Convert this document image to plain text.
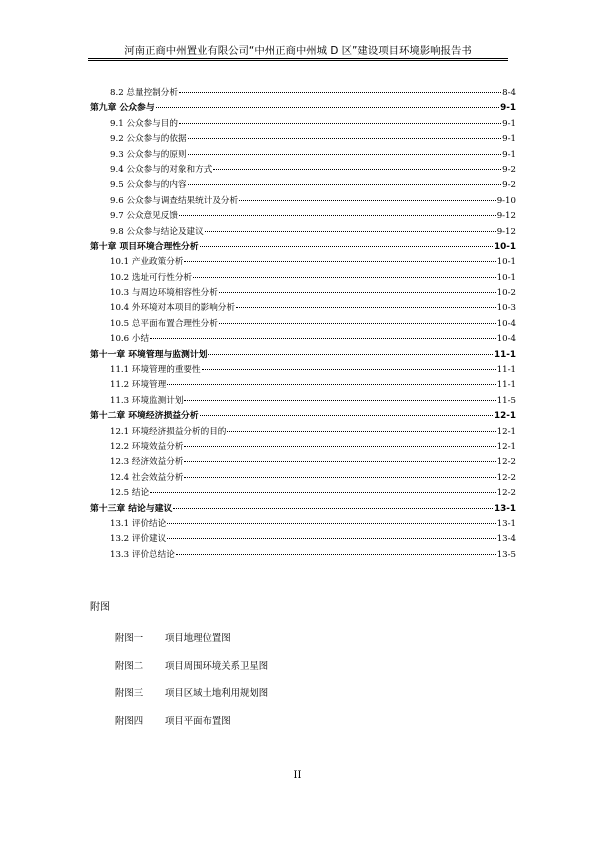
河南正商中州置业有限公司“中州正商中州城 D 区”建设项目环境影响报告书
8.2 总量控制分析	8-4
第九章 公众参与	9-1
9.1 公众参与目的	9-1
9.2 公众参与的依据	9-1
9.3 公众参与的原则	9-1
9.4 公众参与的对象和方式	9-2
9.5 公众参与的内容	9-2
9.6 公众参与调查结果统计及分析	9-10
9.7 公众意见反馈	9-12
9.8 公众参与结论及建议	9-12
第十章 项目环境合理性分析	10-1
10.1 产业政策分析	10-1
10.2 选址可行性分析	10-1
10.3 与周边环境相容性分析	10-2
10.4 外环境对本项目的影响分析	10-3
10.5 总平面布置合理性分析	10-4
10.6 小结	10-4
第十一章 环境管理与监测计划	11-1
11.1 环境管理的重要性	11-1
11.2 环境管理	11-1
11.3 环境监测计划	11-5
第十二章 环境经济损益分析	12-1
12.1 环境经济损益分析的目的	12-1
12.2 环境效益分析	12-1
12.3 经济效益分析	12-2
12.4 社会效益分析	12-2
12.5 结论	12-2
第十三章 结论与建议	13-1
13.1 评价结论	13-1
13.2 评价建议	13-4
13.3 评价总结论	13-5
附图
附图一	项目地理位置图
附图二	项目周围环境关系卫星图
附图三	项目区域土地利用规划图
附图四	项目平面布置图
II
